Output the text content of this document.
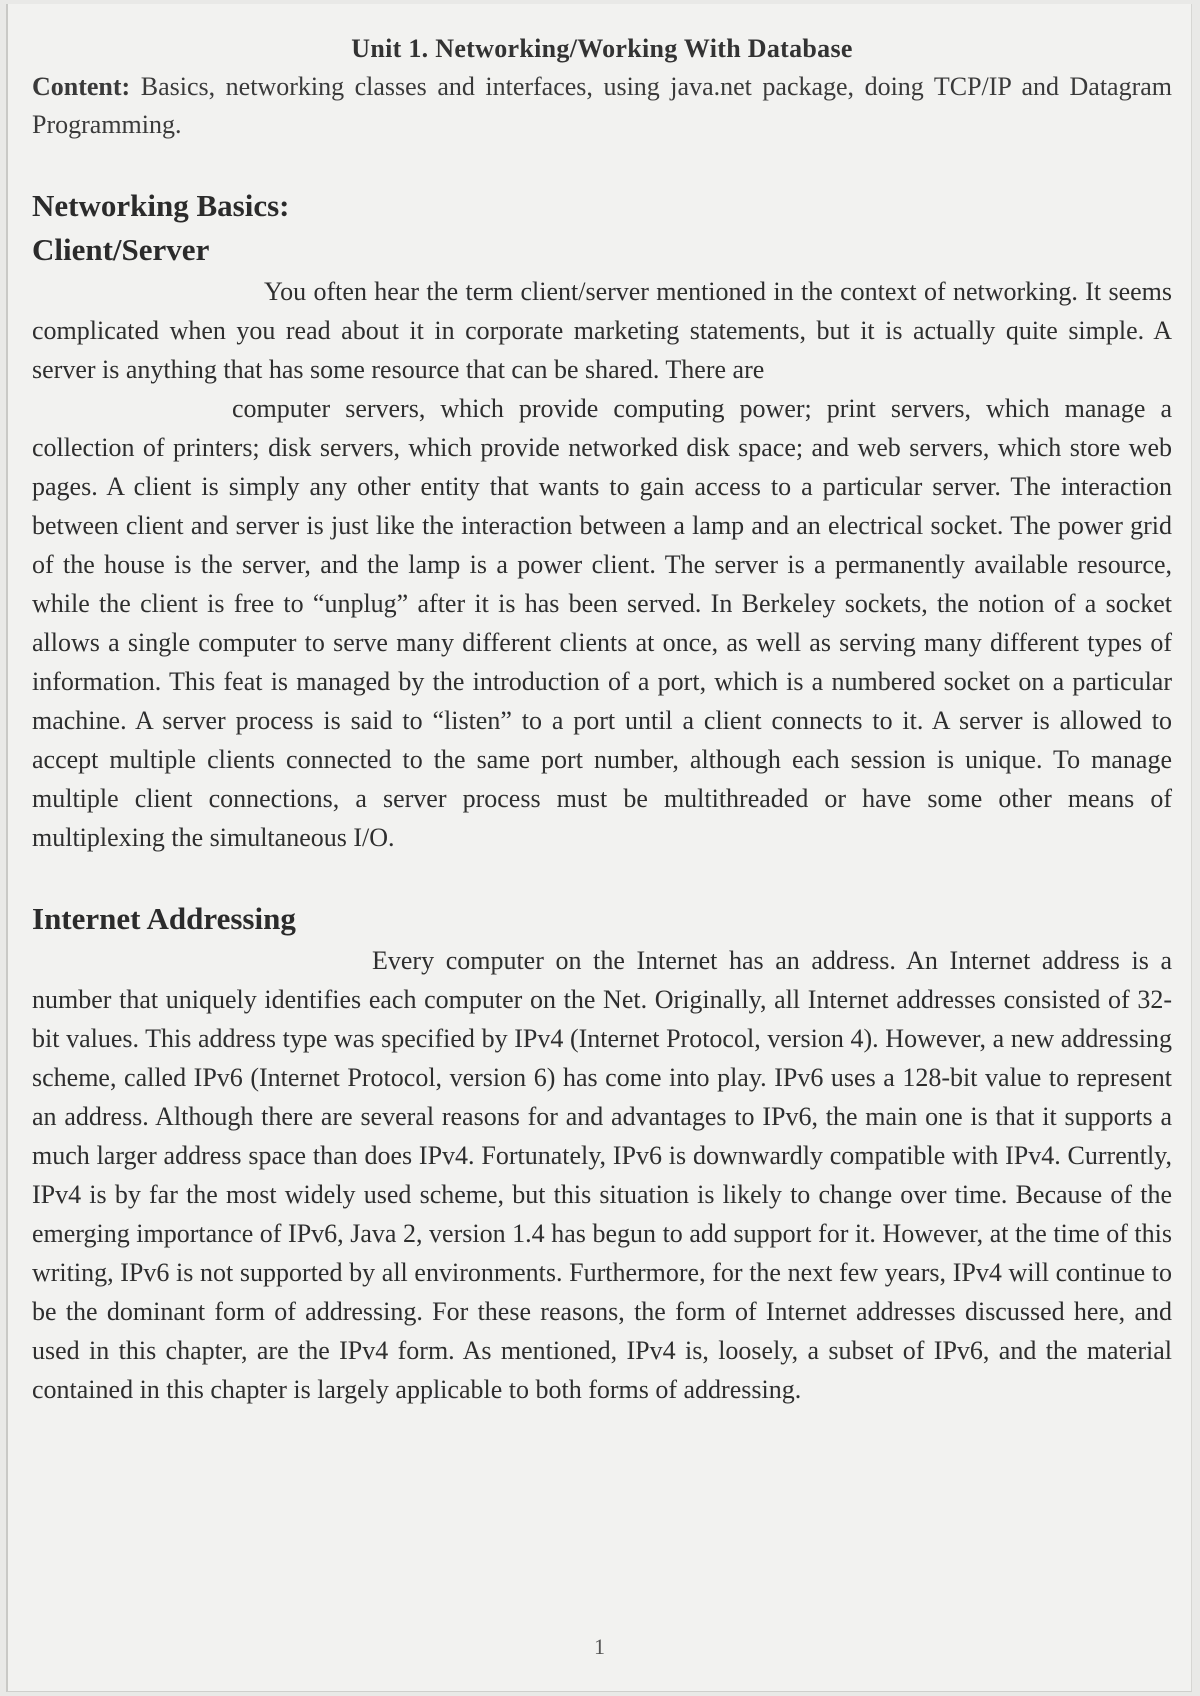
Unit 1. Networking/Working With Database

Content: Basics, networking classes and interfaces, using java.net package, doing TCP/IP and Datagram Programming.

Networking Basics:
Client/Server

You often hear the term client/server mentioned in the context of networking. It seems complicated when you read about it in corporate marketing statements, but it is actually quite simple. A server is anything that has some resource that can be shared. There are

computer servers, which provide computing power; print servers, which manage a collection of printers; disk servers, which provide networked disk space; and web servers, which store web pages. A client is simply any other entity that wants to gain access to a particular server. The interaction between client and server is just like the interaction between a lamp and an electrical socket. The power grid of the house is the server, and the lamp is a power client. The server is a permanently available resource, while the client is free to “unplug” after it is has been served. In Berkeley sockets, the notion of a socket allows a single computer to serve many different clients at once, as well as serving many different types of information. This feat is managed by the introduction of a port, which is a numbered socket on a particular machine. A server process is said to “listen” to a port until a client connects to it. A server is allowed to accept multiple clients connected to the same port number, although each session is unique. To manage multiple client connections, a server process must be multithreaded or have some other means of multiplexing the simultaneous I/O.

Internet Addressing

Every computer on the Internet has an address. An Internet address is a number that uniquely identifies each computer on the Net. Originally, all Internet addresses consisted of 32-bit values. This address type was specified by IPv4 (Internet Protocol, version 4). However, a new addressing scheme, called IPv6 (Internet Protocol, version 6) has come into play. IPv6 uses a 128-bit value to represent an address. Although there are several reasons for and advantages to IPv6, the main one is that it supports a much larger address space than does IPv4. Fortunately, IPv6 is downwardly compatible with IPv4. Currently, IPv4 is by far the most widely used scheme, but this situation is likely to change over time. Because of the emerging importance of IPv6, Java 2, version 1.4 has begun to add support for it. However, at the time of this writing, IPv6 is not supported by all environments. Furthermore, for the next few years, IPv4 will continue to be the dominant form of addressing. For these reasons, the form of Internet addresses discussed here, and used in this chapter, are the IPv4 form. As mentioned, IPv4 is, loosely, a subset of IPv6, and the material contained in this chapter is largely applicable to both forms of addressing.

1
